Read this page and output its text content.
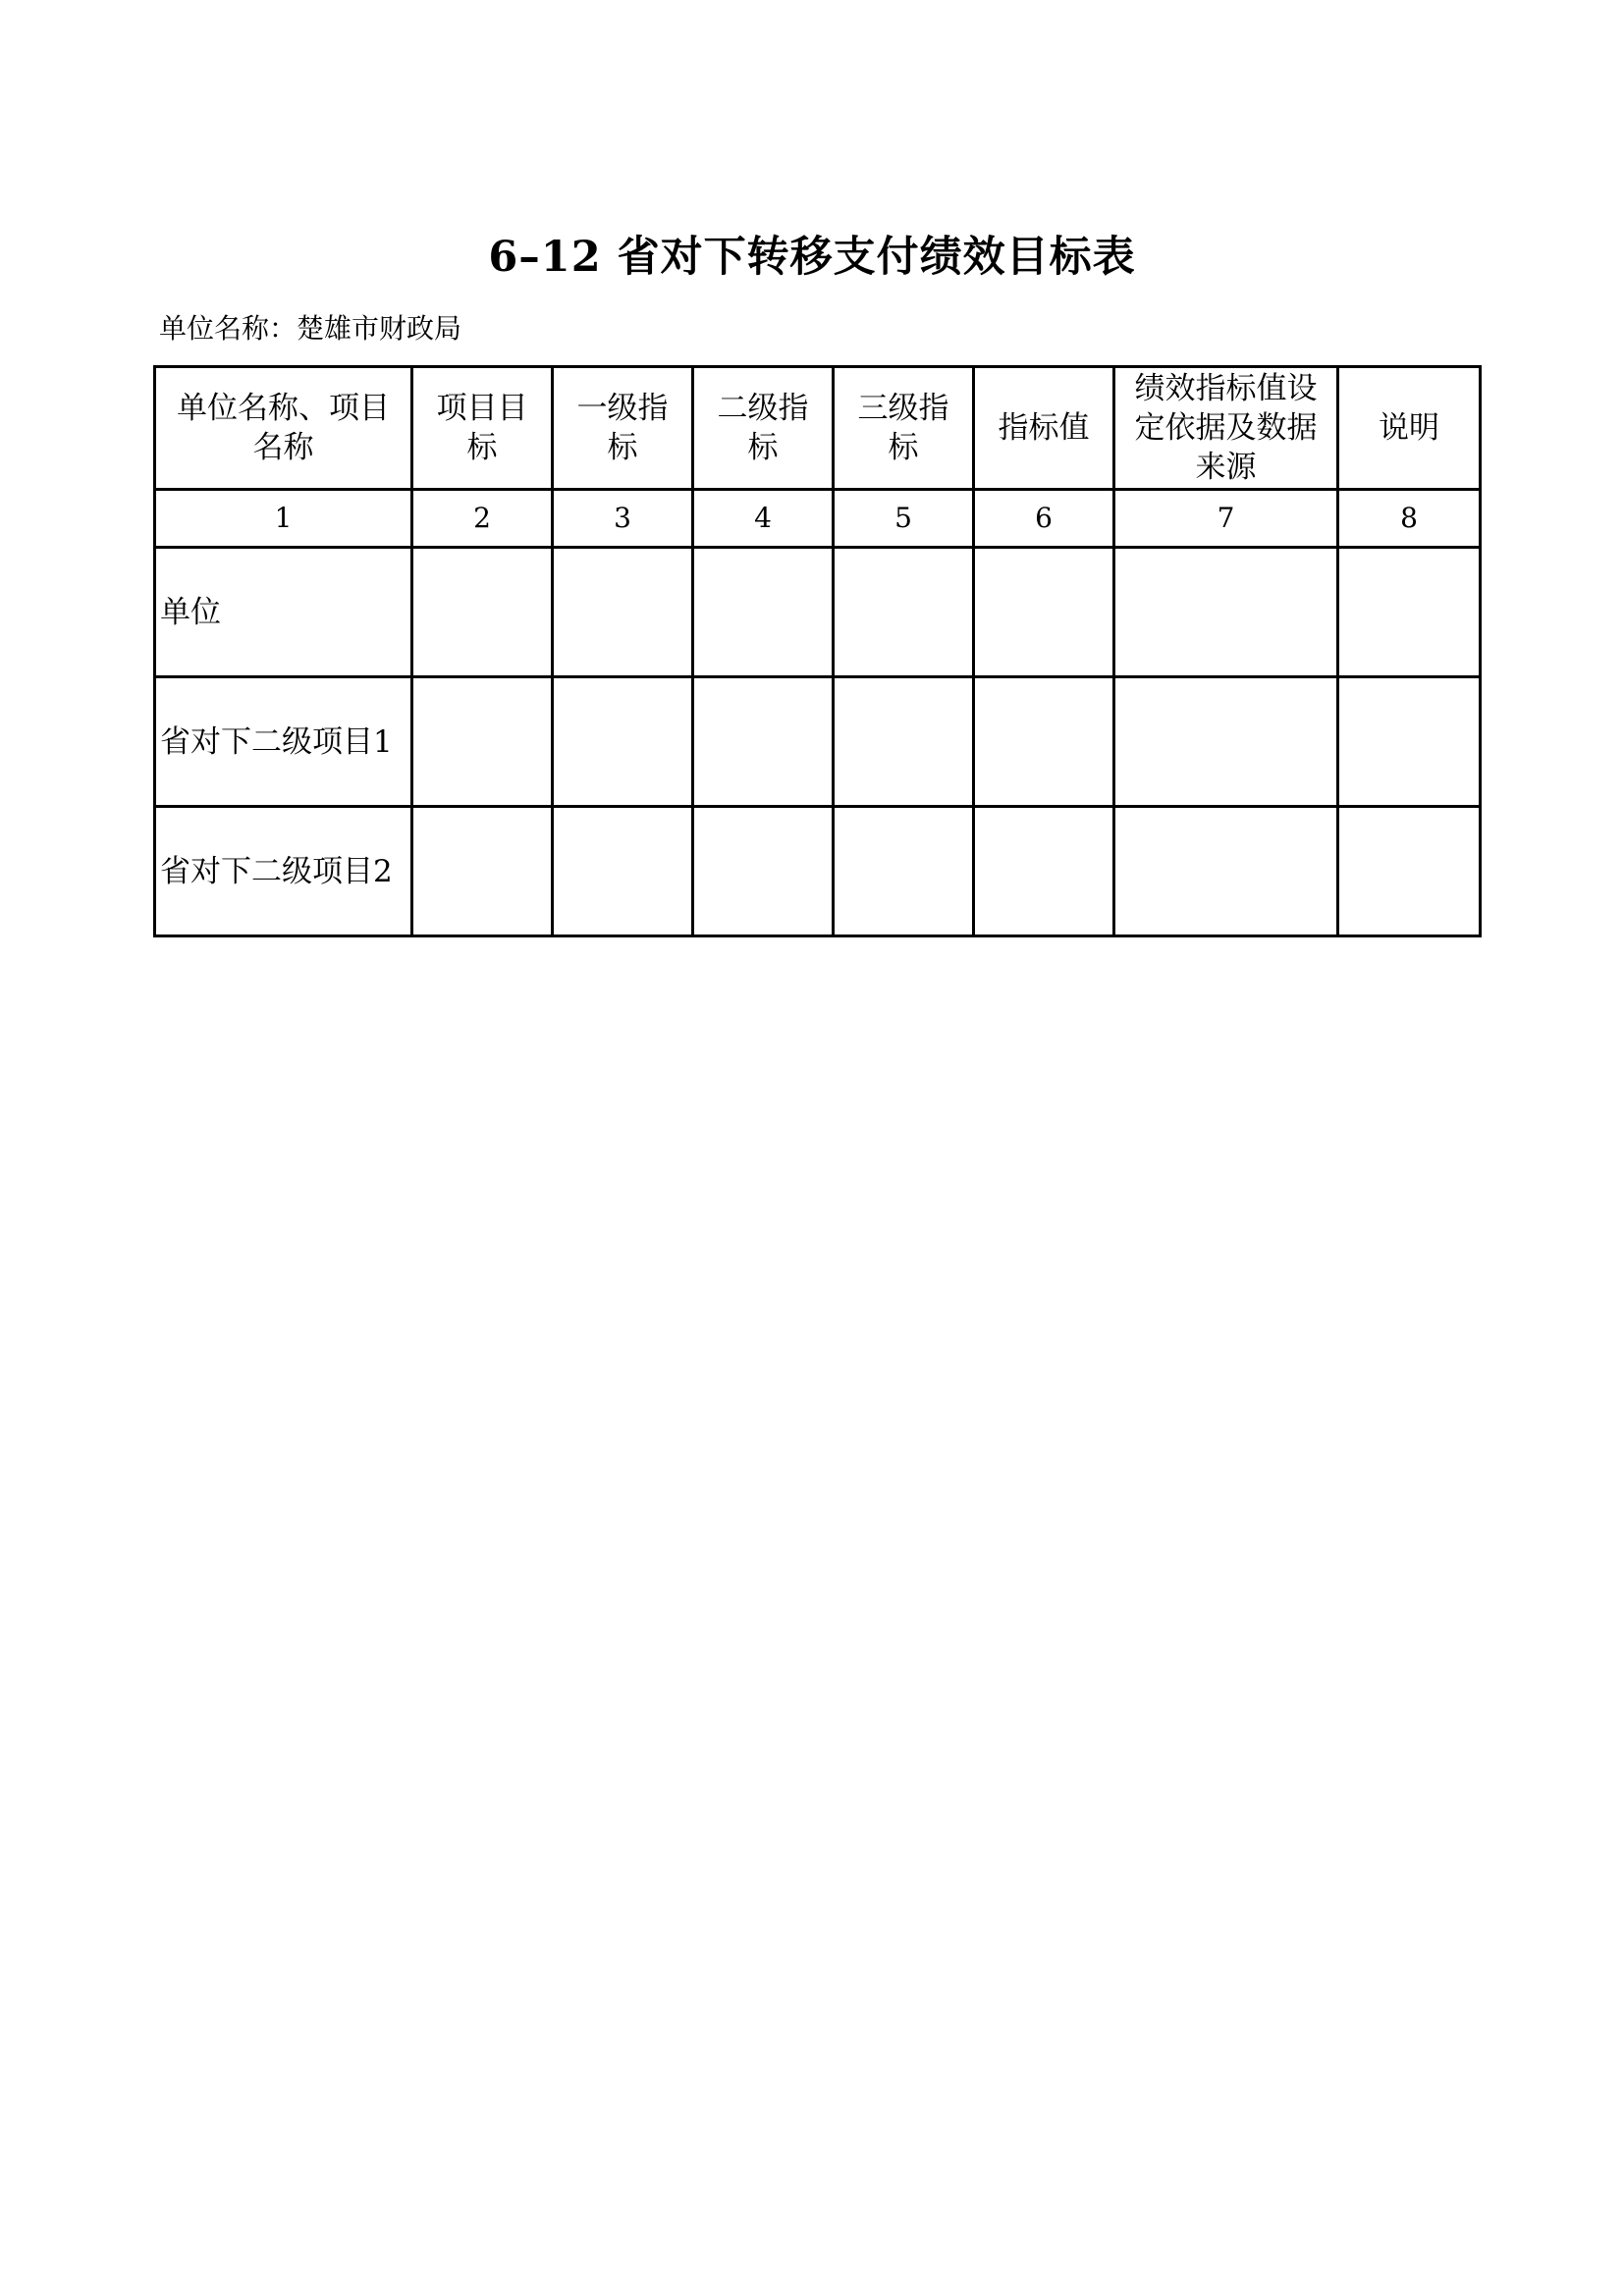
6–12 省对下转移支付绩效目标表
单位名称：楚雄市财政局
单位名称、项目名称	项目目标	一级指标	二级指标	三级指标	指标值	绩效指标值设定依据及数据来源	说明

1	2	3	4	5	6	7	8
单位							
省对下二级项目1							
省对下二级项目2							
